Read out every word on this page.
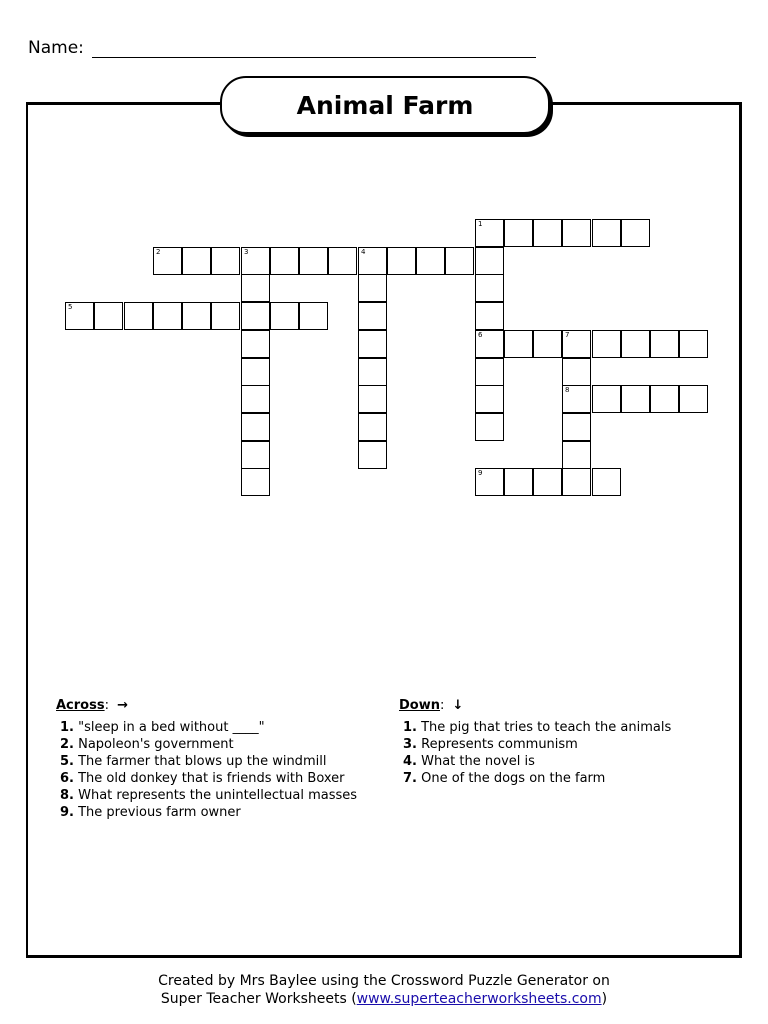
Name:
Animal Farm
1
6
2	3	4
5
7
8
9
Across: →
1. "sleep in a bed without ____"
2. Napoleon's government
5. The farmer that blows up the windmill
6. The old donkey that is friends with Boxer
8. What represents the unintellectual masses
9. The previous farm owner
Down: ↓
1. The pig that tries to teach the animals
3. Represents communism
4. What the novel is
7. One of the dogs on the farm
Created by Mrs Baylee using the Crossword Puzzle Generator on
Super Teacher Worksheets (www.superteacherworksheets.com)
